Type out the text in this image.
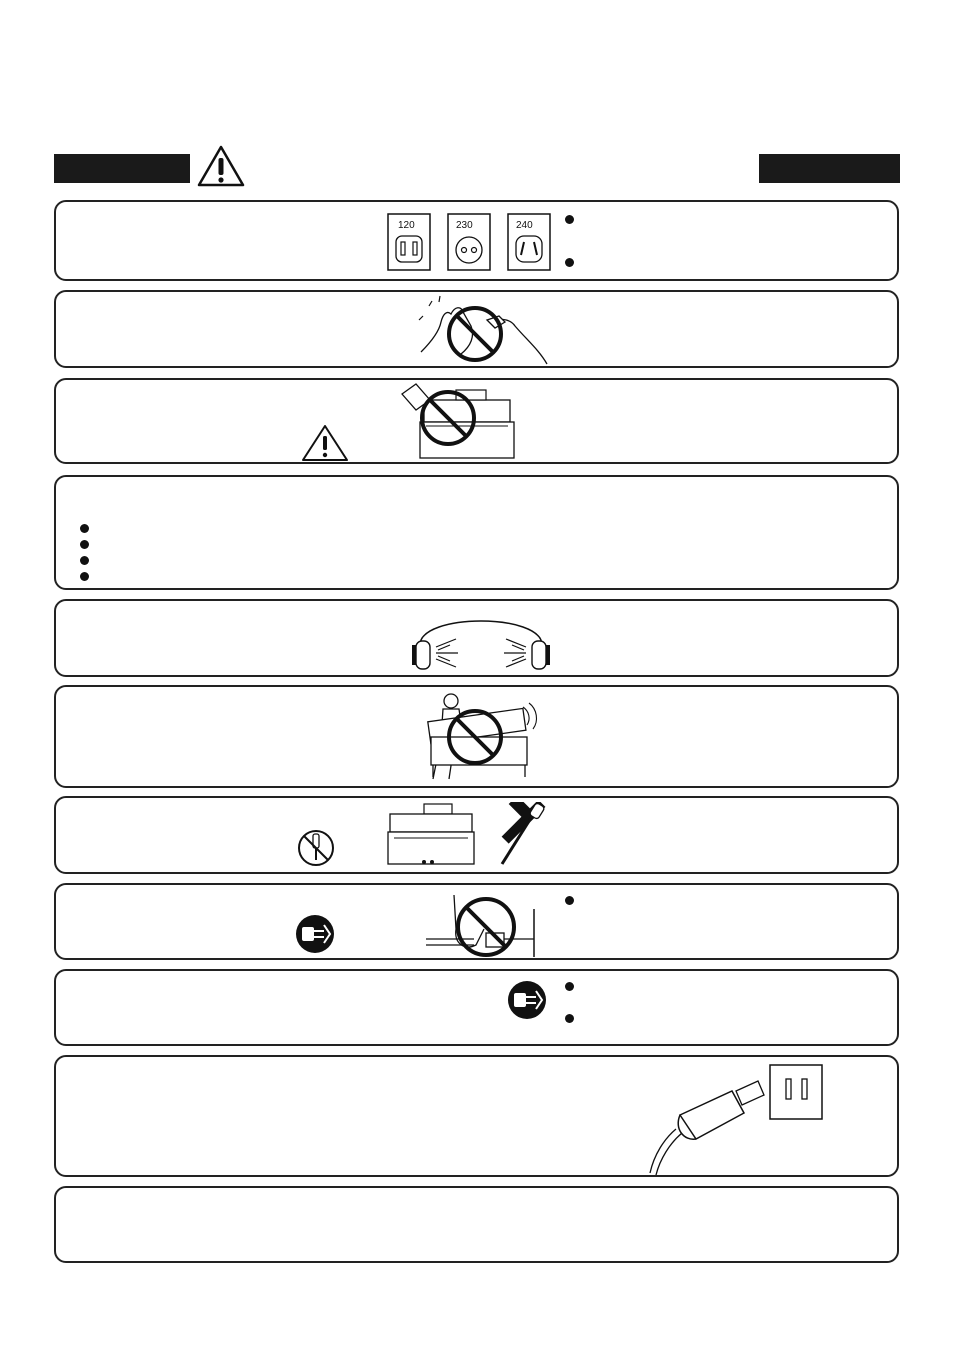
120	230	240
